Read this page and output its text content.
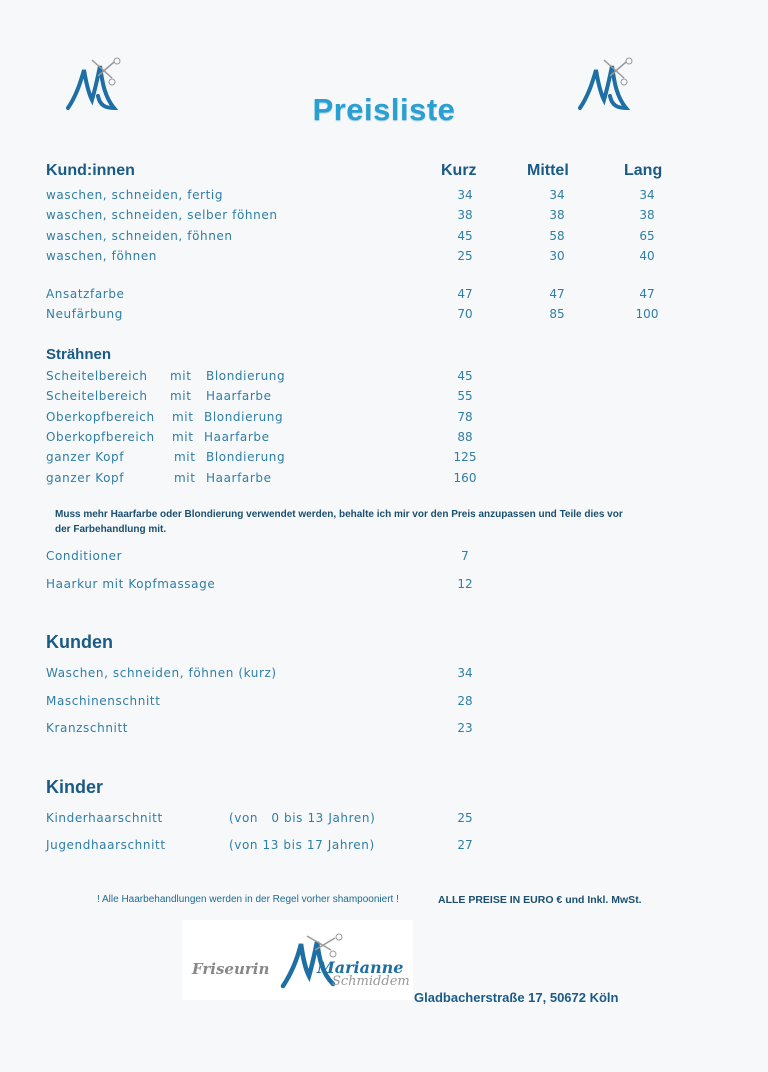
Preisliste
Kund:innen	Kurz	Mittel	Lang
waschen, schneiden, fertig	34	34	34
waschen, schneiden, selber föhnen	38	38	38
waschen, schneiden, föhnen	45	58	65
waschen, föhnen	25	30	40
Ansatzfarbe	47	47	47
Neufärbung	70	85	100
Strähnen
Scheitelbereich mit Blondierung	45
Scheitelbereich mit Haarfarbe	55
Oberkopfbereich mit Blondierung	78
Oberkopfbereich mit Haarfarbe	88
ganzer Kopf	mit Blondierung	125
ganzer Kopf	mit Haarfarbe	160
Muss mehr Haarfarbe oder Blondierung verwendet werden, behalte ich mir vor den Preis anzupassen und Teile dies vor
der Farbehandlung mit.
Conditioner	7
Haarkur mit Kopfmassage	12
Kunden
Waschen, schneiden, föhnen (kurz)	34
Maschinenschnitt	28
Kranzschnitt	23
Kinder
Kinderhaarschnitt	(von   0 bis 13 Jahren)	25
Jugendhaarschnitt	(von 13 bis 17 Jahren)	27
! Alle Haarbehandlungen werden in der Regel vorher shampooniert !	ALLE PREISE IN EURO € und Inkl. MwSt.
Friseurin	Marianne
Schmiddem
Gladbacherstraße 17, 50672 Köln
